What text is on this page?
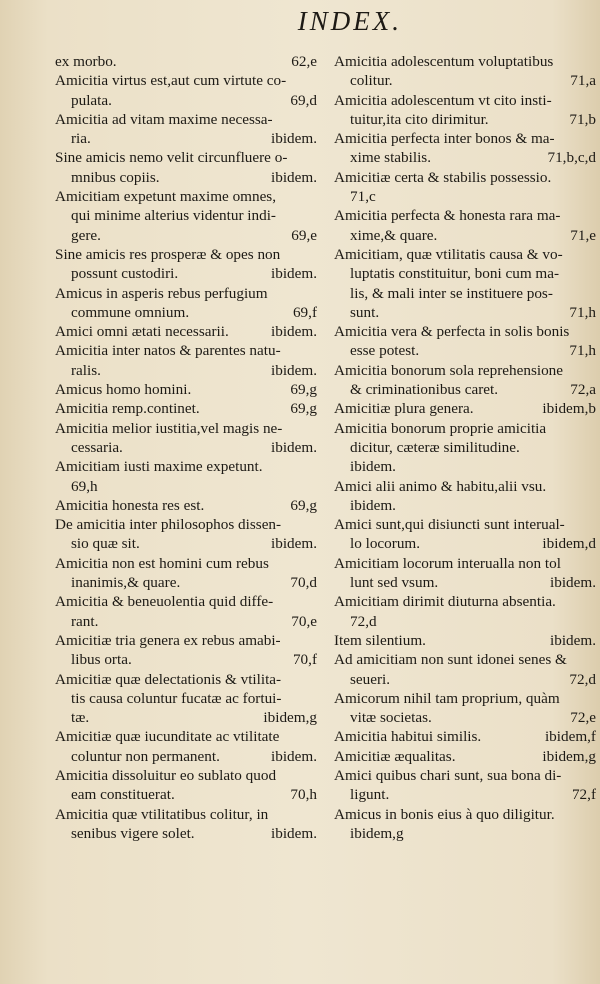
INDEX.
ex morbo.	62,e
Amicitia virtus est,aut cum virtute co-
pulata.	69,d
Amicitia ad vitam maxime necessa-
ria.	ibidem.
Sine amicis nemo velit circunfluere o-
mnibus copiis.	ibidem.
Amicitiam expetunt maxime omnes,
qui minime alterius videntur indi-
gere.	69,e
Sine amicis res prosperæ & opes non
possunt custodiri.	ibidem.
Amicus in asperis rebus perfugium
commune omnium.	69,f
Amici omni ætati necessarii.	ibidem.
Amicitia inter natos & parentes natu-
ralis.	ibidem.
Amicus homo homini.	69,g
Amicitia remp.continet.	69,g
Amicitia melior iustitia,vel magis ne-
cessaria.	ibidem.
Amicitiam iusti maxime expetunt.
69,h
Amicitia honesta res est.	69,g
De amicitia inter philosophos dissen-
sio quæ sit.	ibidem.
Amicitia non est homini cum rebus
inanimis,& quare.	70,d
Amicitia & beneuolentia quid diffe-
rant.	70,e
Amicitiæ tria genera ex rebus amabi-
libus orta.	70,f
Amicitiæ quæ delectationis & vtilita-
tis causa coluntur fucatæ ac fortui-
tæ.	ibidem,g
Amicitiæ quæ iucunditate ac vtilitate
coluntur non permanent.	ibidem.
Amicitia dissoluitur eo sublato quod
eam constituerat.	70,h
Amicitia quæ vtilitatibus colitur, in
senibus vigere solet.	ibidem.
Amicitia adolescentum voluptatibus
colitur.	71,a
Amicitia adolescentum vt cito insti-
tuitur,ita cito dirimitur.	71,b
Amicitia perfecta inter bonos & ma-
xime stabilis.	71,b,c,d
Amicitiæ certa & stabilis possessio.
71,c
Amicitia perfecta & honesta rara ma-
xime,& quare.	71,e
Amicitiam, quæ vtilitatis causa & vo-
luptatis constituitur, boni cum ma-
lis, & mali inter se instituere pos-
sunt.	71,h
Amicitia vera & perfecta in solis bonis
esse potest.	71,h
Amicitia bonorum sola reprehensione
& criminationibus caret.	72,a
Amicitiæ plura genera.	ibidem,b
Amicitia bonorum proprie amicitia
dicitur, cæteræ similitudine.
ibidem.
Amici alii animo & habitu,alii vsu.
ibidem.
Amici sunt,qui disiuncti sunt interual-
lo locorum.	ibidem,d
Amicitiam locorum interualla non tol
lunt sed vsum.	ibidem.
Amicitiam dirimit diuturna absentia.
72,d
Item silentium.	ibidem.
Ad amicitiam non sunt idonei senes &
seueri.	72,d
Amicorum nihil tam proprium, quàm
vitæ societas.	72,e
Amicitia habitui similis.	ibidem,f
Amicitiæ æqualitas.	ibidem,g
Amici quibus chari sunt, sua bona di-
ligunt.	72,f
Amicus in bonis eius à quo diligitur.
ibidem,g
